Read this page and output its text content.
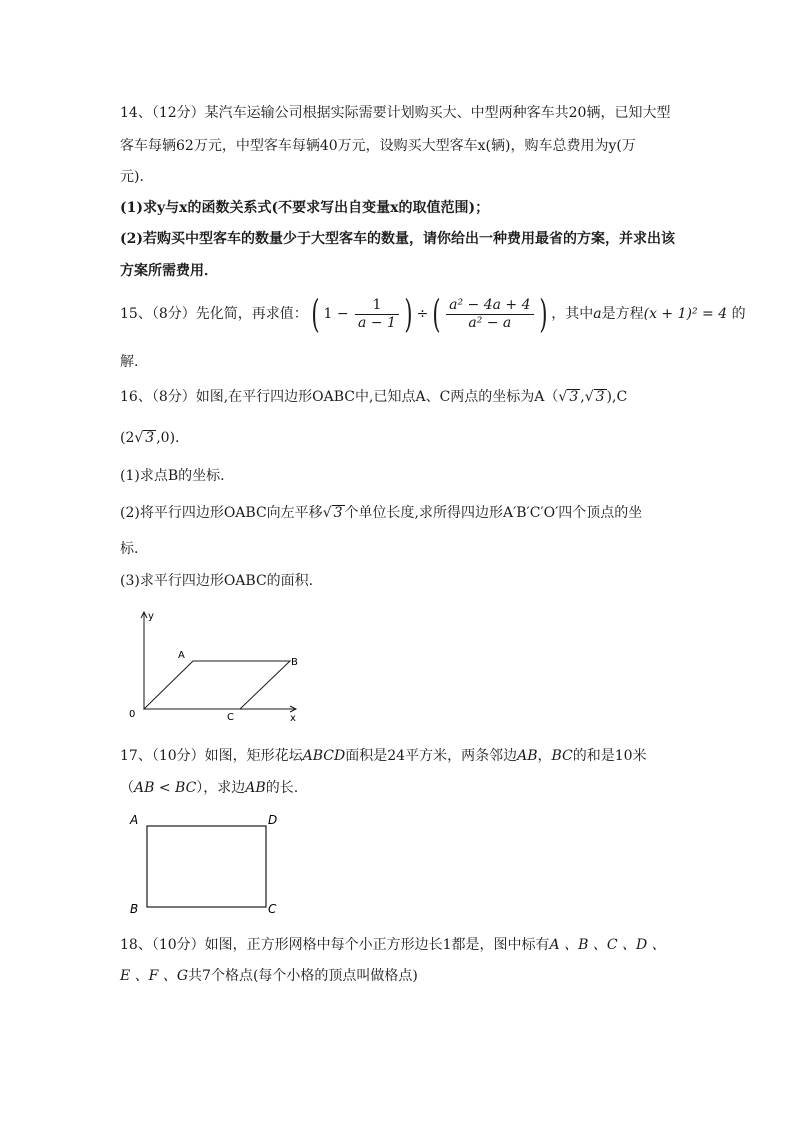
14、（12分）某汽车运输公司根据实际需要计划购买大、中型两种客车共20辆，已知大型
客车每辆62万元，中型客车每辆40万元，设购买大型客车x(辆)，购车总费用为y(万
元)．
(1)求y与x的函数关系式(不要求写出自变量x的取值范围)；
(2)若购买中型客车的数量少于大型客车的数量，请你给出一种费用最省的方案，并求出该
方案所需费用．
15、（8分）先化简，再求值： ( $1 - \frac{1}{a - 1}$ ) ÷ ( $\frac{\text{a² − 4a + 4}}{\text{a² − a}}$ ) ，其中a是方程(x + 1)² = 4 的
解.
16、（8分）如图,在平行四边形OABC中,已知点A、C两点的坐标为A（√ 3 ,√ 3 ),C
(2√ 3 ,0).
(1)求点B的坐标.
(2)将平行四边形OABC向左平移√ 3 个单位长度,求所得四边形A′B′C′O′四个顶点的坐
标.
(3)求平行四边形OABC的面积.
y
x
0
A
B
C
17、（10分）如图，矩形花坛ABCD面积是24平方米，两条邻边AB，BC的和是10米
（AB < BC），求边AB的长.
A	D
B	C
18、（10分）如图，正方形网格中每个小正方形边长1都是，图中标有A 、B 、C 、D 、
E 、F 、G共7个格点(每个小格的顶点叫做格点)
